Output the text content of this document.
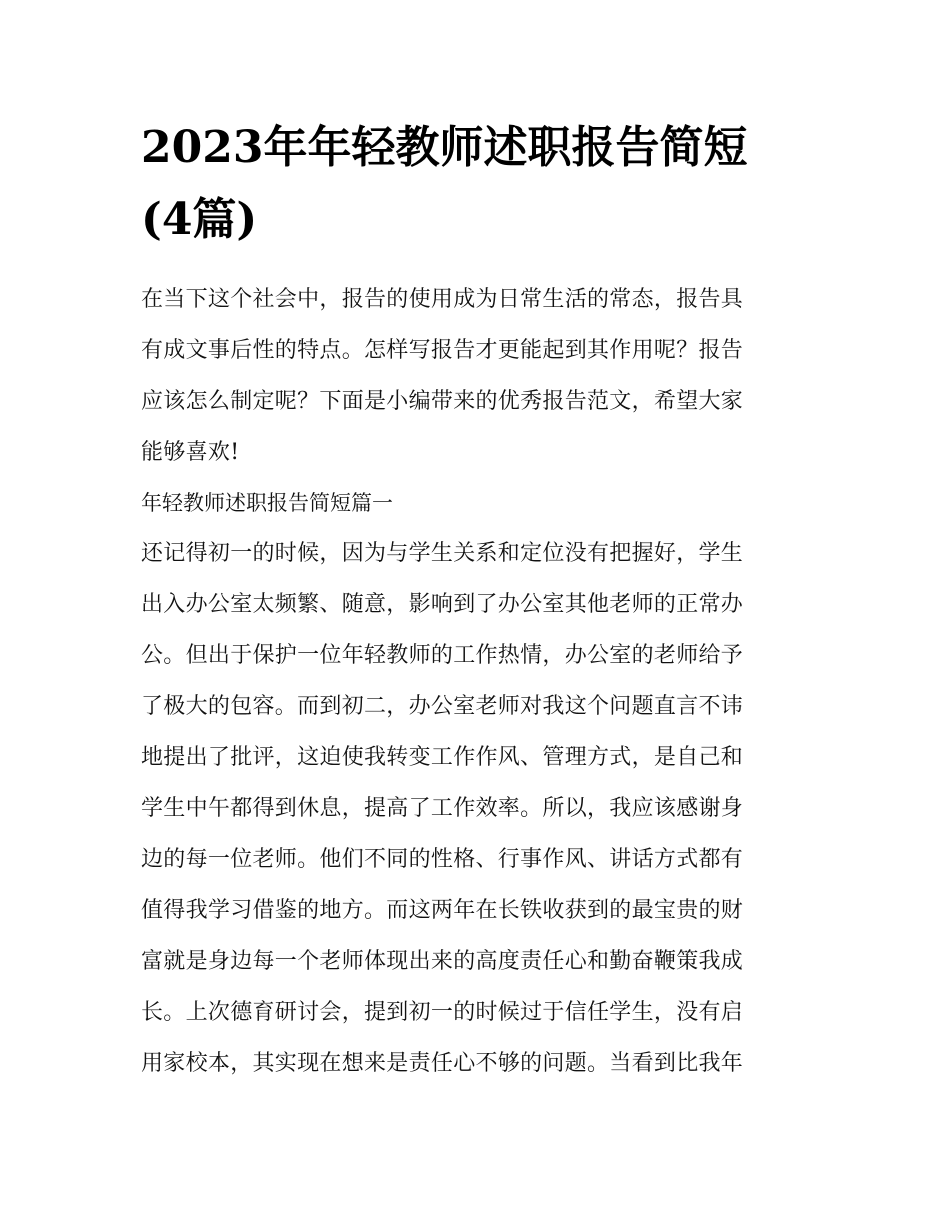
2023年年轻教师述职报告简短
(4篇)
在当下这个社会中，报告的使用成为日常生活的常态，报告具
有成文事后性的特点。怎样写报告才更能起到其作用呢？报告
应该怎么制定呢？下面是小编带来的优秀报告范文，希望大家
能够喜欢!
年轻教师述职报告简短篇一
还记得初一的时候，因为与学生关系和定位没有把握好，学生
出入办公室太频繁、随意，影响到了办公室其他老师的正常办
公。但出于保护一位年轻教师的工作热情，办公室的老师给予
了极大的包容。而到初二，办公室老师对我这个问题直言不讳
地提出了批评，这迫使我转变工作作风、管理方式，是自己和
学生中午都得到休息，提高了工作效率。所以，我应该感谢身
边的每一位老师。他们不同的性格、行事作风、讲话方式都有
值得我学习借鉴的地方。而这两年在长铁收获到的最宝贵的财
富就是身边每一个老师体现出来的高度责任心和勤奋鞭策我成
长。上次德育研讨会，提到初一的时候过于信任学生，没有启
用家校本，其实现在想来是责任心不够的问题。当看到比我年
